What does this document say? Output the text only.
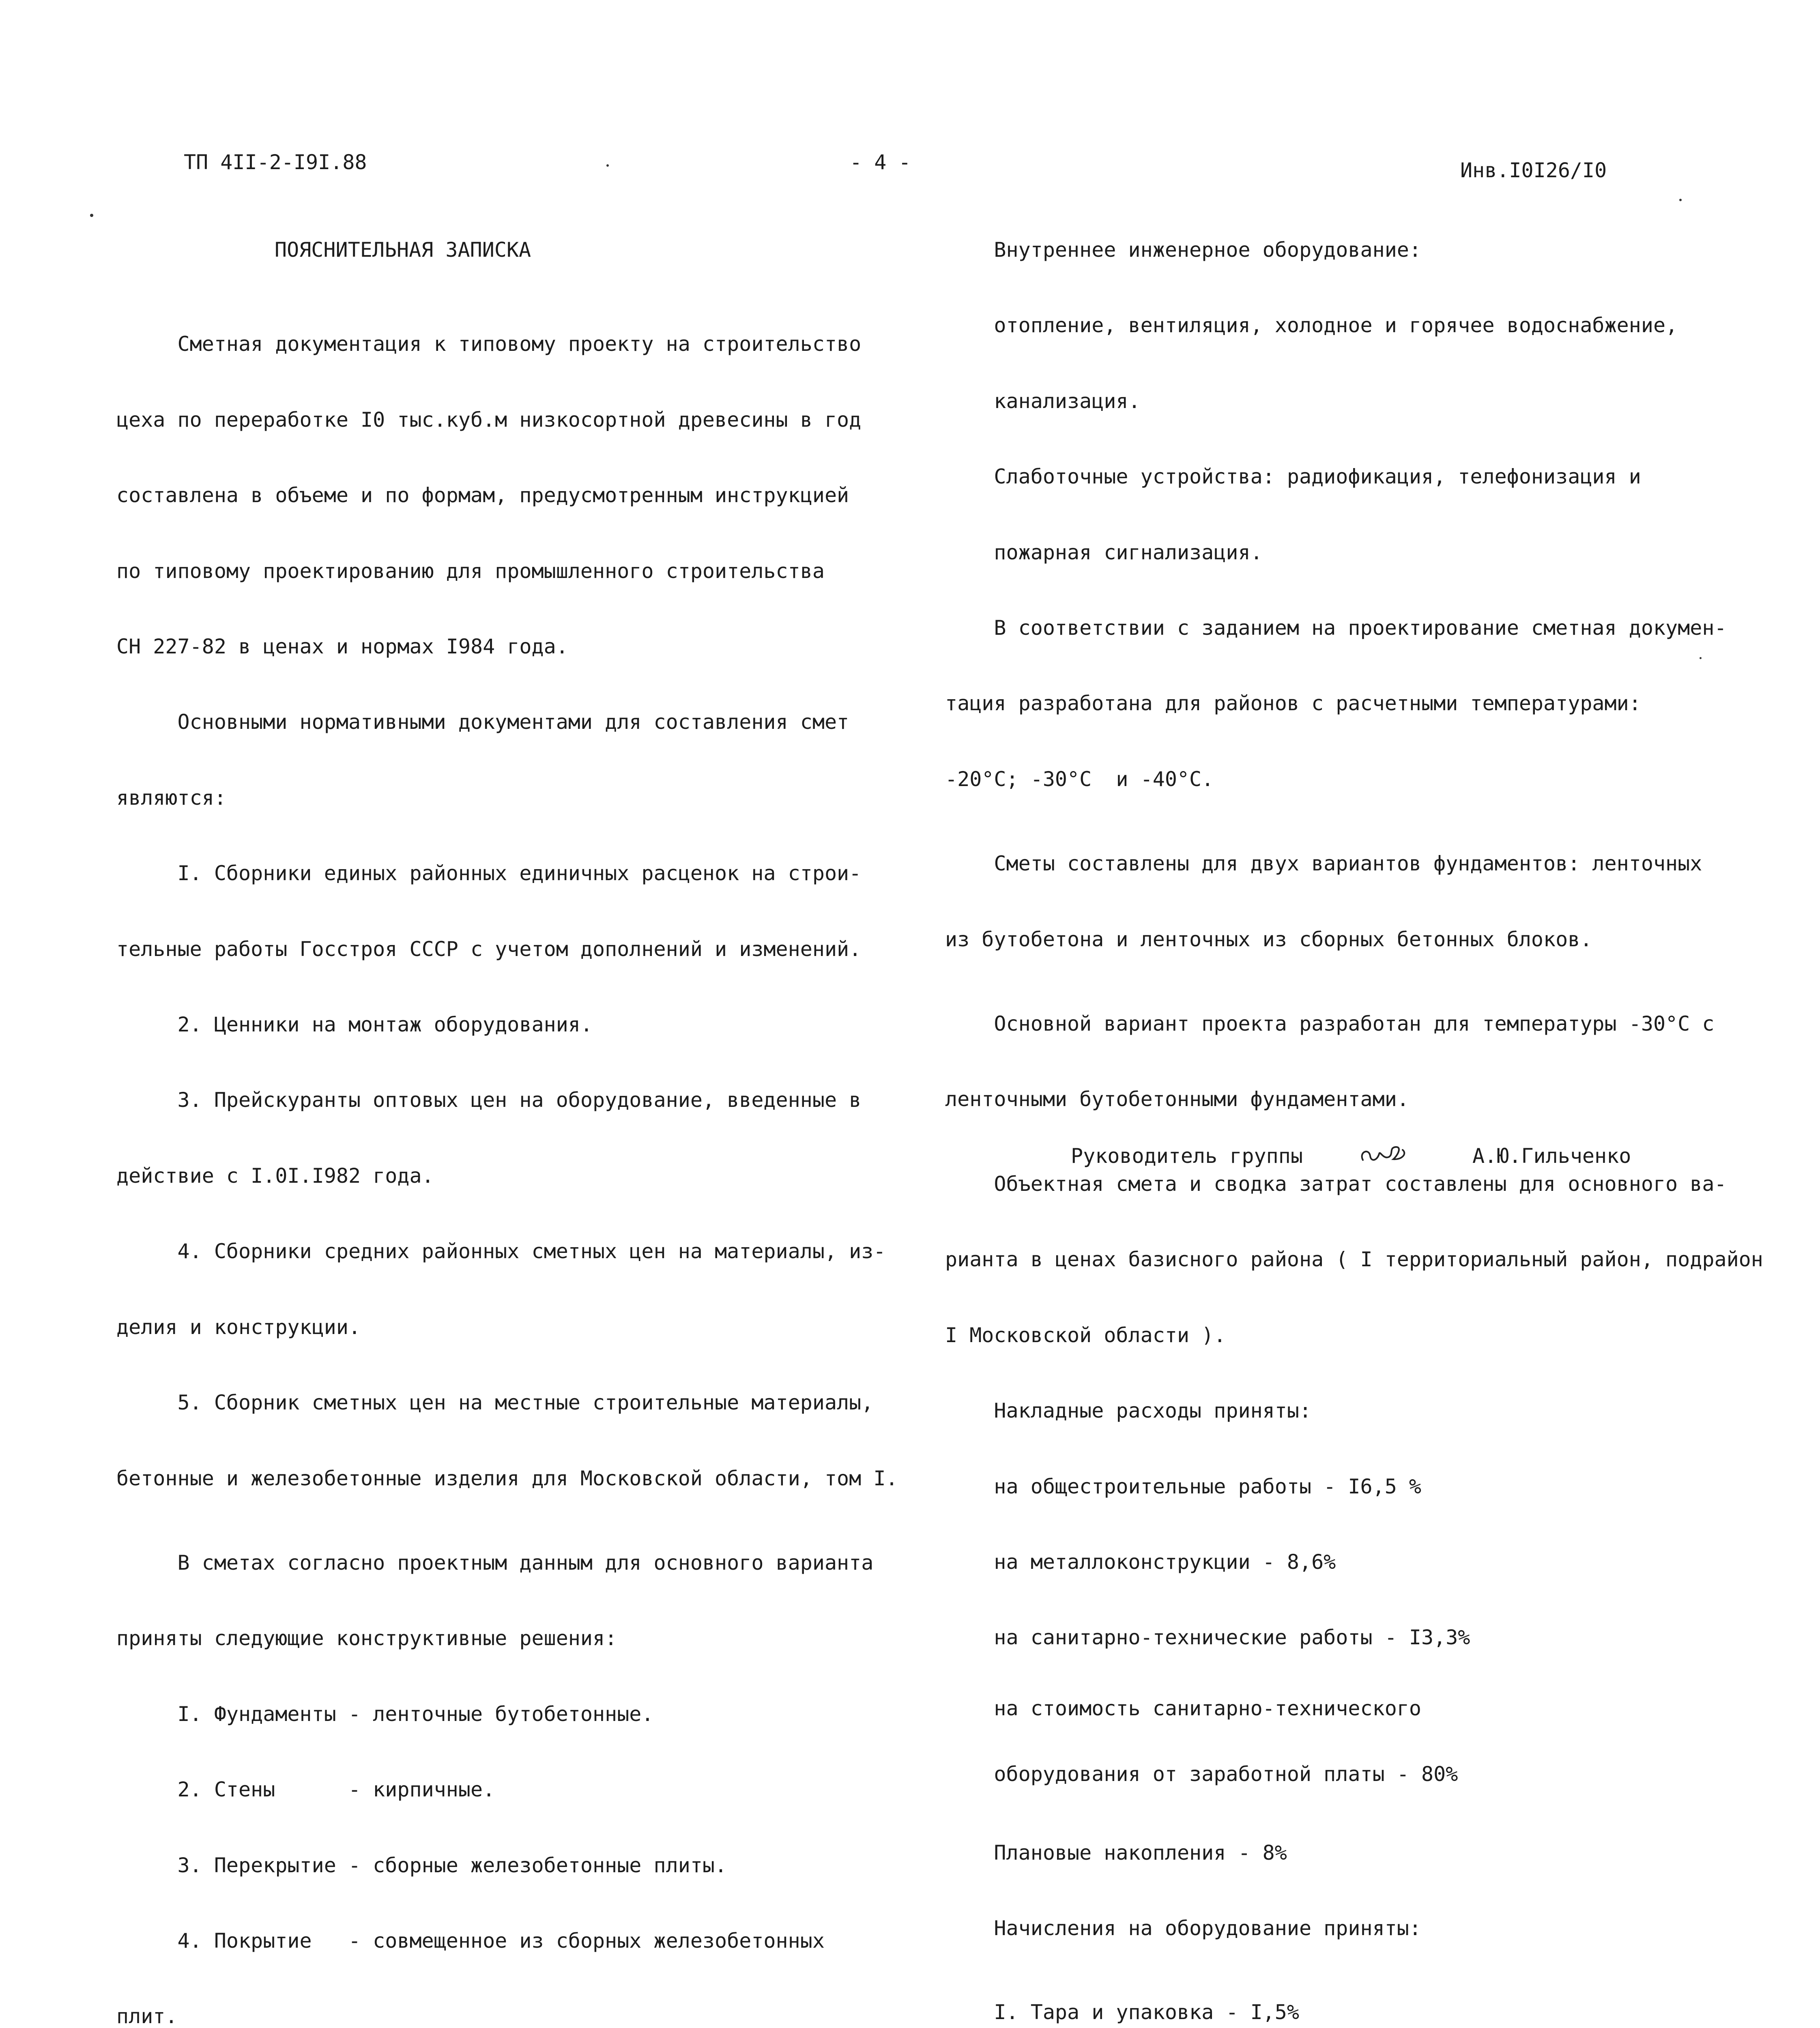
ТП 4II-2-I9I.88	- 4 -	Инв.I0I26/I0

ПОЯСНИТЕЛЬНАЯ ЗАПИСКА

Сметная документация к типовому проекту на строительство

цеха по переработке I0 тыс.куб.м низкосортной древесины в год

составлена в объеме и по формам, предусмотренным инструкцией

по типовому проектированию для промышленного строительства

СН 227-82 в ценах и нормах I984 года.

Основными нормативными документами для составления смет

являются:

I. Сборники единых районных единичных расценок на строи-

тельные работы Госстроя СССР с учетом дополнений и изменений.

2. Ценники на монтаж оборудования.

3. Прейскуранты оптовых цен на оборудование, введенные в

действие с I.0I.I982 года.

4. Сборники средних районных сметных цен на материалы, из-

делия и конструкции.

5. Сборник сметных цен на местные строительные материалы,

бетонные и железобетонные изделия для Московской области, том I.

В сметах согласно проектным данным для основного варианта

приняты следующие конструктивные решения:

I. Фундаменты - ленточные бутобетонные.

2. Стены      - кирпичные.

3. Перекрытие - сборные железобетонные плиты.

4. Покрытие   - совмещенное из сборных железобетонных

плит.

Внутреннее инженерное оборудование:

отопление, вентиляция, холодное и горячее водоснабжение,

канализация.

Слаботочные устройства: радиофикация, телефонизация и

пожарная сигнализация.

В соответствии с заданием на проектирование сметная докумен-

тация разработана для районов с расчетными температурами:

-20°C; -30°C  и -40°C.

Сметы составлены для двух вариантов фундаментов: ленточных

из бутобетона и ленточных из сборных бетонных блоков.

Основной вариант проекта разработан для температуры -30°C с

ленточными бутобетонными фундаментами.

Объектная смета и сводка затрат составлены для основного ва-

рианта в ценах базисного района ( I территориальный район, подрайон

I Московской области ).

Накладные расходы приняты:

на общестроительные работы - I6,5 %

на металлоконструкции - 8,6%

на санитарно-технические работы - I3,3%

на стоимость санитарно-технического

оборудования от заработной платы - 80%

Плановые накопления - 8%

Начисления на оборудование приняты:

I. Тара и упаковка - I,5%

Руководитель группы	А.Ю.Гильченко
